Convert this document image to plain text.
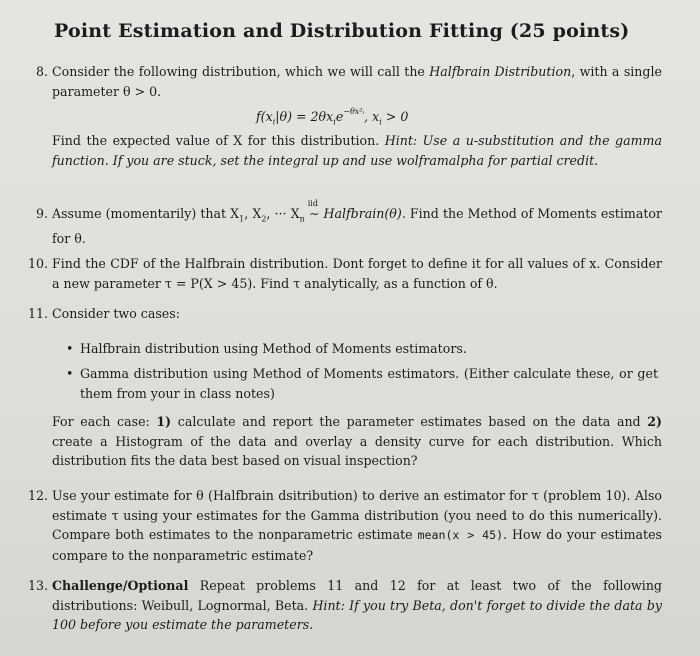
Point Estimation and Distribution Fitting (25 points)
8. Consider the following distribution, which we will call the Halfbrain Distribution, with a single parameter θ > 0.
$f(x_i|\theta) = 2\theta x_ie^{-\theta x^2ᵢ}$, $x_i > 0$
Find the expected value of X for this distribution. Hint: Use a u-substitution and the gamma function. If you are stuck, set the integral up and use wolframalpha for partial credit.
9. Assume (momentarily) that $X_1$, $X_2$, ··· $X_n$
iid
∼ Halfbrain(θ). Find the Method of Moments estimator for θ.
10. Find the CDF of the Halfbrain distribution. Dont forget to define it for all values of x. Consider a new parameter τ = P(X > 45). Find τ analytically, as a function of θ.
11. Consider two cases:
• Halfbrain distribution using Method of Moments estimators.
• Gamma distribution using Method of Moments estimators. (Either calculate these, or get them from your in class notes)
For each case: 1) calculate and report the parameter estimates based on the data and 2) create a Histogram of the data and overlay a density curve for each distribution. Which distribution fits the data best based on visual inspection?
12. Use your estimate for θ (Halfbrain dsitribution) to derive an estimator for τ (problem 10). Also estimate τ using your estimates for the Gamma distribution (you need to do this numerically). Compare both estimates to the nonparametric estimate mean(x > 45). How do your estimates compare to the nonparametric estimate?
13. Challenge/Optional Repeat problems 11 and 12 for at least two of the following distributions: Weibull, Lognormal, Beta. Hint: If you try Beta, don't forget to divide the data by 100 before you estimate the parameters.
